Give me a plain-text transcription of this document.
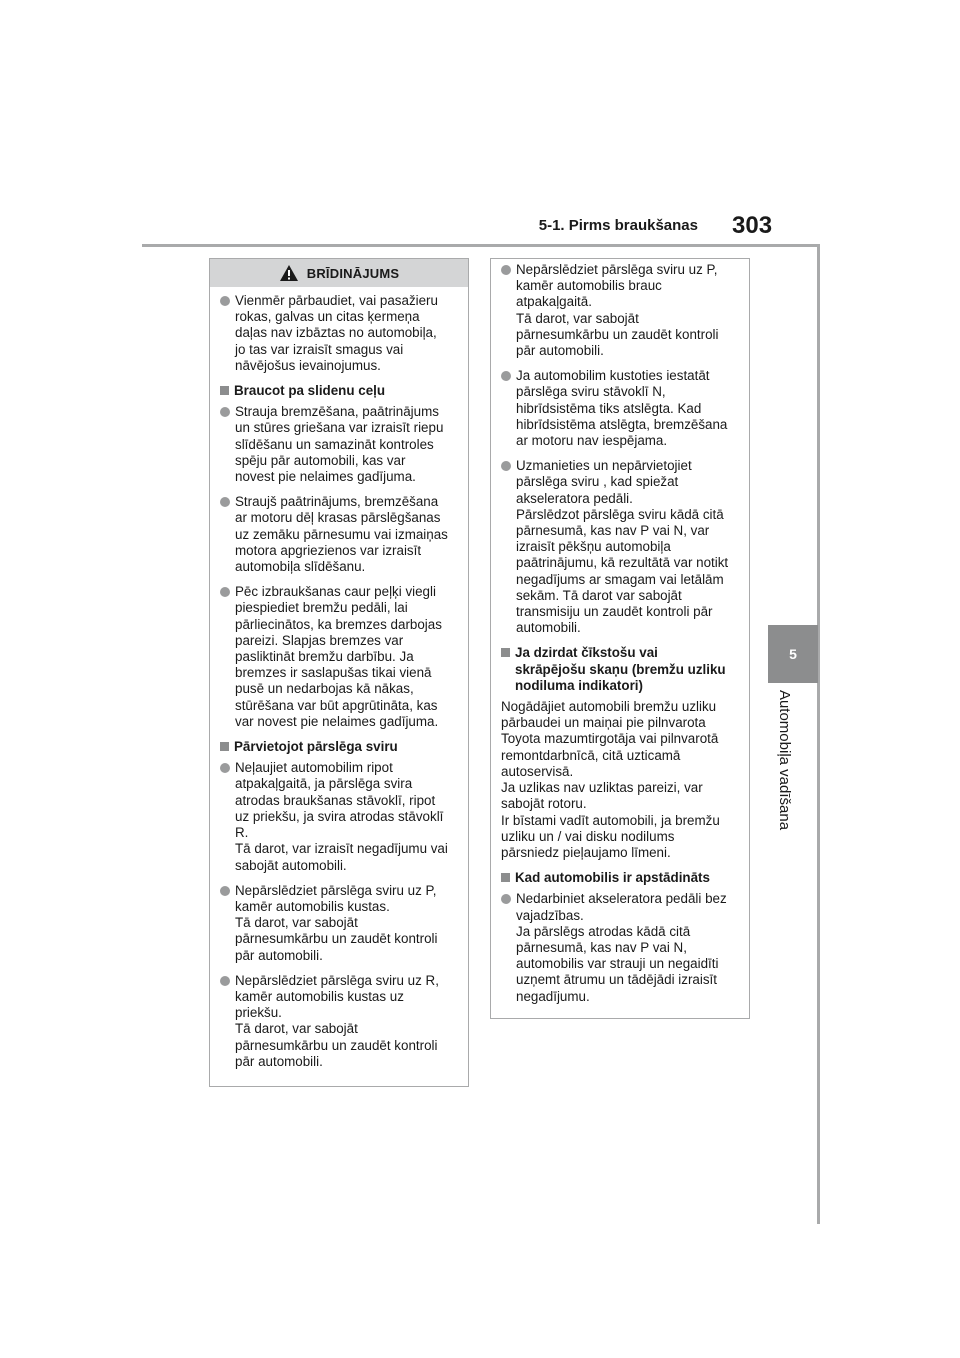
5-1. Pirms braukšanas 303
5
Automobiļa vadīšana
BRĪDINĀJUMS
Vienmēr pārbaudiet, vai pasažieru
rokas, galvas un citas ķermeņa
daļas nav izbāztas no automobiļa,
jo tas var izraisīt smagus vai
nāvējošus ievainojumus.
Braucot pa slidenu ceļu
Strauja bremzēšana, paātrinājums
un stūres griešana var izraisīt riepu
slīdēšanu un samazināt kontroles
spēju pār automobili, kas var
novest pie nelaimes gadījuma.
Straujš paātrinājums, bremzēšana
ar motoru dēļ krasas pārslēgšanas
uz zemāku pārnesumu vai izmaiņas
motora apgriezienos var izraisīt
automobiļa slīdēšanu.
Pēc izbraukšanas caur peļķi viegli
piespiediet bremžu pedāli, lai
pārliecinātos, ka bremzes darbojas
pareizi. Slapjas bremzes var
pasliktināt bremžu darbību. Ja
bremzes ir saslapušas tikai vienā
pusē un nedarbojas kā nākas,
stūrēšana var būt apgrūtināta, kas
var novest pie nelaimes gadījuma.
Pārvietojot pārslēga sviru
Neļaujiet automobilim ripot
atpakaļgaitā, ja pārslēga svira
atrodas braukšanas stāvoklī, ripot
uz priekšu, ja svira atrodas stāvoklī
R.
Tā darot, var izraisīt negadījumu vai
sabojāt automobili.
Nepārslēdziet pārslēga sviru uz P,
kamēr automobilis kustas.
Tā darot, var sabojāt
pārnesumkārbu un zaudēt kontroli
pār automobili.
Nepārslēdziet pārslēga sviru uz R,
kamēr automobilis kustas uz
priekšu.
Tā darot, var sabojāt
pārnesumkārbu un zaudēt kontroli
pār automobili.
Nepārslēdziet pārslēga sviru uz P,
kamēr automobilis brauc
atpakaļgaitā.
Tā darot, var sabojāt
pārnesumkārbu un zaudēt kontroli
pār automobili.
Ja automobilim kustoties iestatāt
pārslēga sviru stāvoklī N,
hibrīdsistēma tiks atslēgta. Kad
hibrīdsistēma atslēgta, bremzēšana
ar motoru nav iespējama.
Uzmanieties un nepārvietojiet
pārslēga sviru , kad spiežat
akseleratora pedāli.
Pārslēdzot pārslēga sviru kādā citā
pārnesumā, kas nav P vai N, var
izraisīt pēkšņu automobiļa
paātrinājumu, kā rezultātā var notikt
negadījums ar smagam vai letālām
sekām. Tā darot var sabojāt
transmisiju un zaudēt kontroli pār
automobili.
Ja dzirdat čīkstošu vai
skrāpējošu skaņu (bremžu uzliku
nodiluma indikatori)
Nogādājiet automobili bremžu uzliku
pārbaudei un maiņai pie pilnvarota
Toyota mazumtirgotāja vai pilnvarotā
remontdarbnīcā, citā uzticamā
autoservisā.
Ja uzlikas nav uzliktas pareizi, var
sabojāt rotoru.
Ir bīstami vadīt automobili, ja bremžu
uzliku un / vai disku nodilums
pārsniedz pieļaujamo līmeni.
Kad automobilis ir apstādināts
Nedarbiniet akseleratora pedāli bez
vajadzības.
Ja pārslēgs atrodas kādā citā
pārnesumā, kas nav P vai N,
automobilis var strauji un negaidīti
uzņemt ātrumu un tādējādi izraisīt
negadījumu.
